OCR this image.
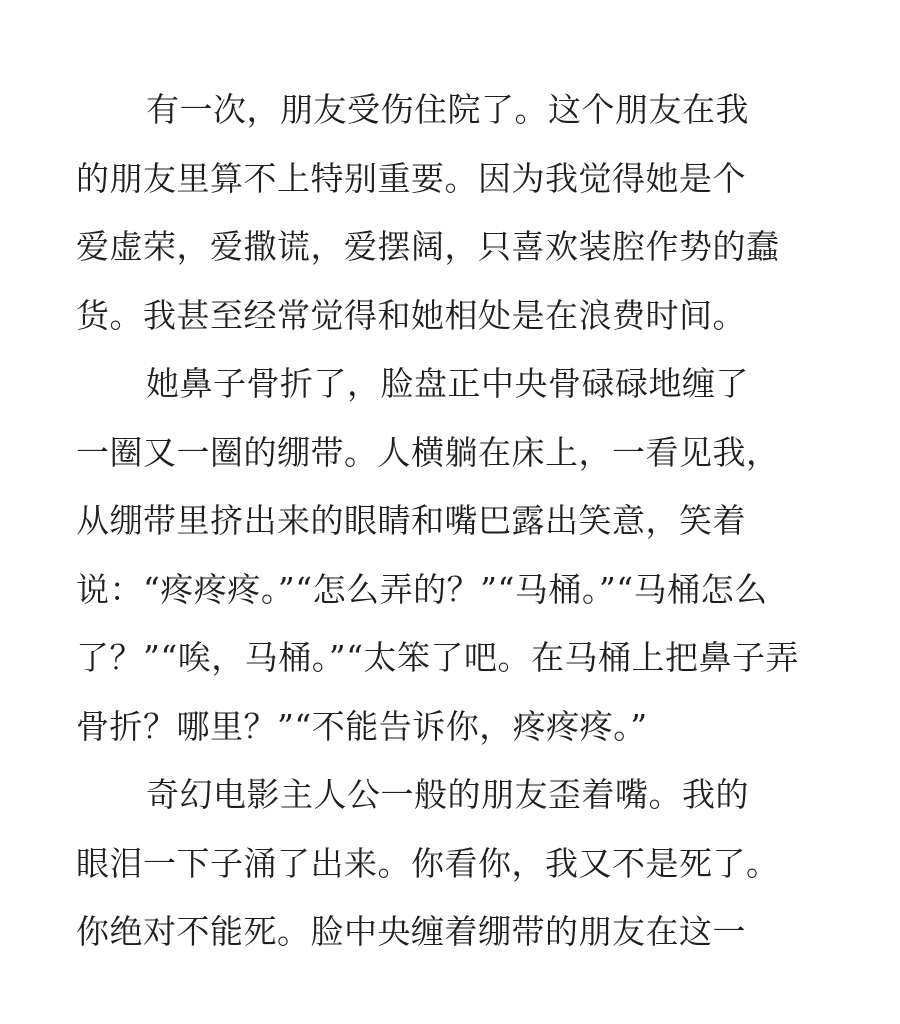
有一次，朋友受伤住院了。这个朋友在我
的朋友里算不上特别重要。因为我觉得她是个
爱虚荣，爱撒谎，爱摆阔，只喜欢装腔作势的蠢
货。我甚至经常觉得和她相处是在浪费时间。
她鼻子骨折了，脸盘正中央骨碌碌地缠了
一圈又一圈的绷带。人横躺在床上，一看见我，
从绷带里挤出来的眼睛和嘴巴露出笑意，笑着
说：“疼疼疼。”“怎么弄的？”“马桶。”“马桶怎么
了？”“唉，马桶。”“太笨了吧。在马桶上把鼻子弄
骨折？哪里？”“不能告诉你，疼疼疼。”
奇幻电影主人公一般的朋友歪着嘴。我的
眼泪一下子涌了出来。你看你，我又不是死了。
你绝对不能死。脸中央缠着绷带的朋友在这一
